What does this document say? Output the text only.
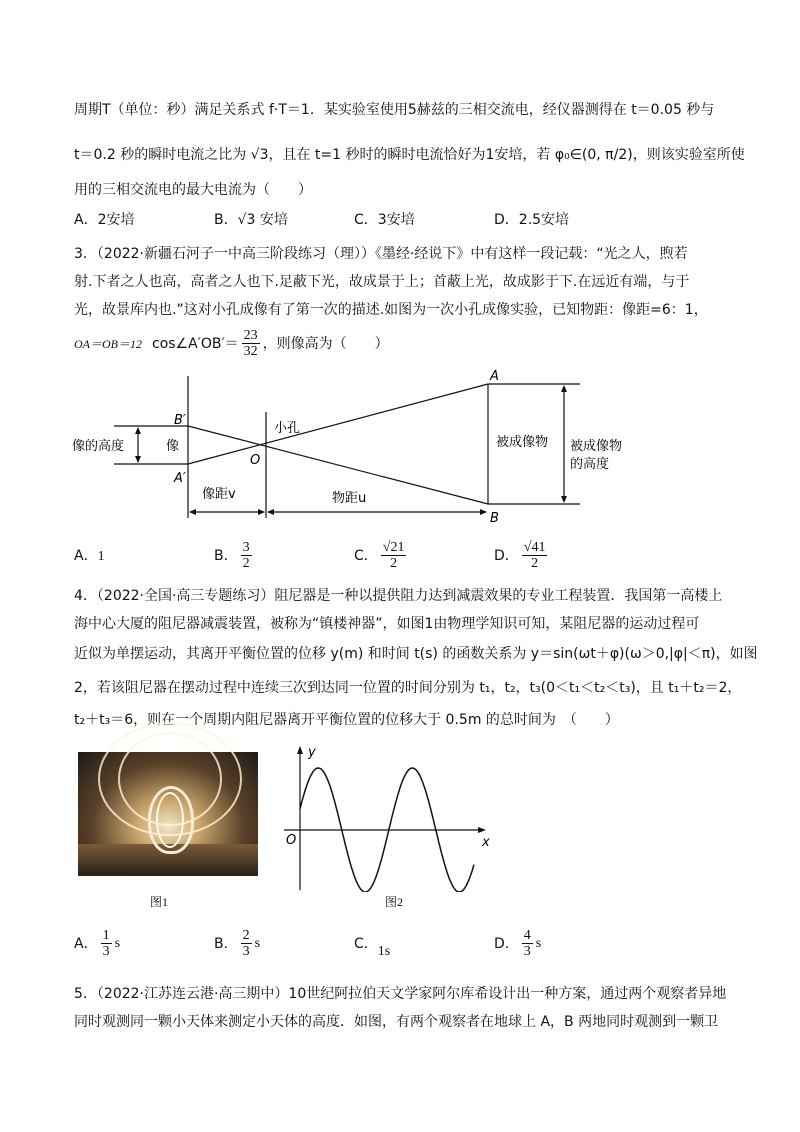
周期T（单位：秒）满足关系式 f·T＝1．某实验室使用5赫兹的三相交流电，经仪器测得在 t＝0.05 秒与
t＝0.2 秒的瞬时电流之比为 √3，且在 t=1 秒时的瞬时电流恰好为1安培，若 φ₀∈(0, π/2)，则该实验室所使
用的三相交流电的最大电流为（　　）
A．2安培	B．√3 安培	C．3安培	D．2.5安培
3．（2022·新疆石河子一中高三阶段练习（理））《墨经·经说下》中有这样一段记载：“光之人，煦若
射.下者之人也高，高者之人也下.足蔽下光，故成景于上；首蔽上光，故成影于下.在远近有端，与于
光，故景库内也.”这对小孔成像有了第一次的描述.如图为一次小孔成像实验，已知物距：像距=6：1，
OA＝OB＝12 cos∠A′OB′＝ $\frac{23}{32}$ ，则像高为（　　）
像的高度	像
小孔
被成像物 被成像物
的高度
像距v	物距u
A
B
B′
A′
O
A．1	B． $\frac{3}{2}$	C． $\frac{√21}{2}$	D． $\frac{√41}{2}$
4．（2022·全国·高三专题练习）阻尼器是一种以提供阻力达到减震效果的专业工程装置．我国第一高楼上
海中心大厦的阻尼器减震装置，被称为“镇楼神器”，如图1由物理学知识可知，某阻尼器的运动过程可
近似为单摆运动，其离开平衡位置的位移 y(m) 和时间 t(s) 的函数关系为 y＝sin(ωt＋φ)(ω＞0,|φ|＜π)，如图
2，若该阻尼器在摆动过程中连续三次到达同一位置的时间分别为 t₁，t₂，t₃(0＜t₁＜t₂＜t₃)，且 t₁＋t₂＝2，
t₂＋t₃＝6，则在一个周期内阻尼器离开平衡位置的位移大于 0.5m 的总时间为　（　　）
图1
y
x
O
图2
A． $\frac{1}{3}$ s	B． $\frac{2}{3}$ s	C． 1s	D． $\frac{4}{3}$ s
5．（2022·江苏连云港·高三期中）10世纪阿拉伯天文学家阿尔库希设计出一种方案，通过两个观察者异地
同时观测同一颗小天体来测定小天体的高度．如图，有两个观察者在地球上 A，B 两地同时观测到一颗卫
